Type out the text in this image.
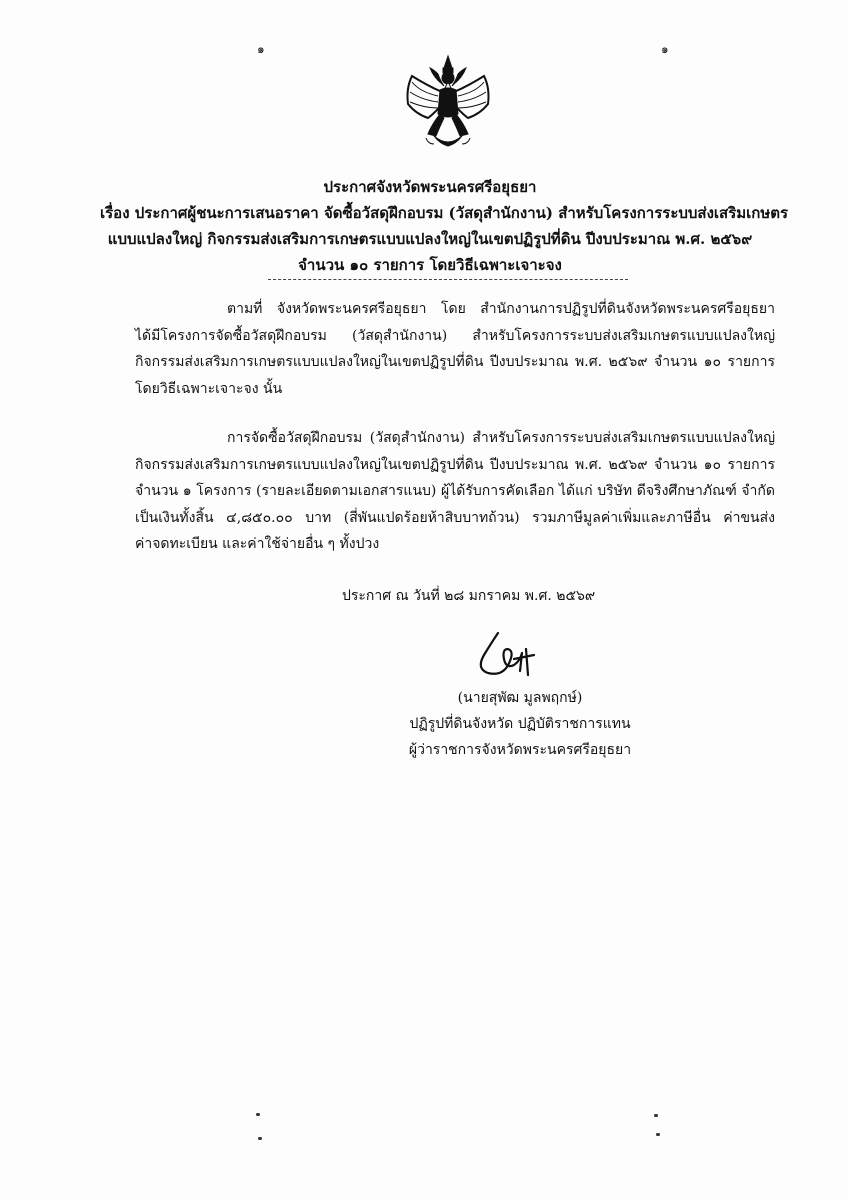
๑	๑
ประกาศจังหวัดพระนครศรีอยุธยา
เรื่อง ประกาศผู้ชนะการเสนอราคา จัดซื้อวัสดุฝึกอบรม (วัสดุสำนักงาน) สำหรับโครงการระบบส่งเสริมเกษตร
แบบแปลงใหญ่ กิจกรรมส่งเสริมการเกษตรแบบแปลงใหญ่ในเขตปฏิรูปที่ดิน ปีงบประมาณ พ.ศ. ๒๕๖๙
จำนวน ๑๐ รายการ โดยวิธีเฉพาะเจาะจง
ตามที่ จังหวัดพระนครศรีอยุธยา โดย สำนักงานการปฏิรูปที่ดินจังหวัดพระนครศรีอยุธยา
ได้มีโครงการจัดซื้อวัสดุฝึกอบรม (วัสดุสำนักงาน) สำหรับโครงการระบบส่งเสริมเกษตรแบบแปลงใหญ่
กิจกรรมส่งเสริมการเกษตรแบบแปลงใหญ่ในเขตปฏิรูปที่ดิน ปีงบประมาณ พ.ศ. ๒๕๖๙ จำนวน ๑๐ รายการ
โดยวิธีเฉพาะเจาะจง นั้น
การจัดซื้อวัสดุฝึกอบรม (วัสดุสำนักงาน) สำหรับโครงการระบบส่งเสริมเกษตรแบบแปลงใหญ่
กิจกรรมส่งเสริมการเกษตรแบบแปลงใหญ่ในเขตปฏิรูปที่ดิน ปีงบประมาณ พ.ศ. ๒๕๖๙ จำนวน ๑๐ รายการ
จำนวน ๑ โครงการ (รายละเอียดตามเอกสารแนบ) ผู้ได้รับการคัดเลือก ได้แก่ บริษัท ดีจริงศึกษาภัณฑ์ จำกัด
เป็นเงินทั้งสิ้น ๔,๘๕๐.๐๐ บาท (สี่พันแปดร้อยห้าสิบบาทถ้วน) รวมภาษีมูลค่าเพิ่มและภาษีอื่น ค่าขนส่ง
ค่าจดทะเบียน และค่าใช้จ่ายอื่น ๆ ทั้งปวง
ประกาศ ณ วันที่ ๒๘ มกราคม พ.ศ. ๒๕๖๙
(นายสุพัฒ มูลพฤกษ์)
ปฏิรูปที่ดินจังหวัด ปฏิบัติราชการแทน
ผู้ว่าราชการจังหวัดพระนครศรีอยุธยา
